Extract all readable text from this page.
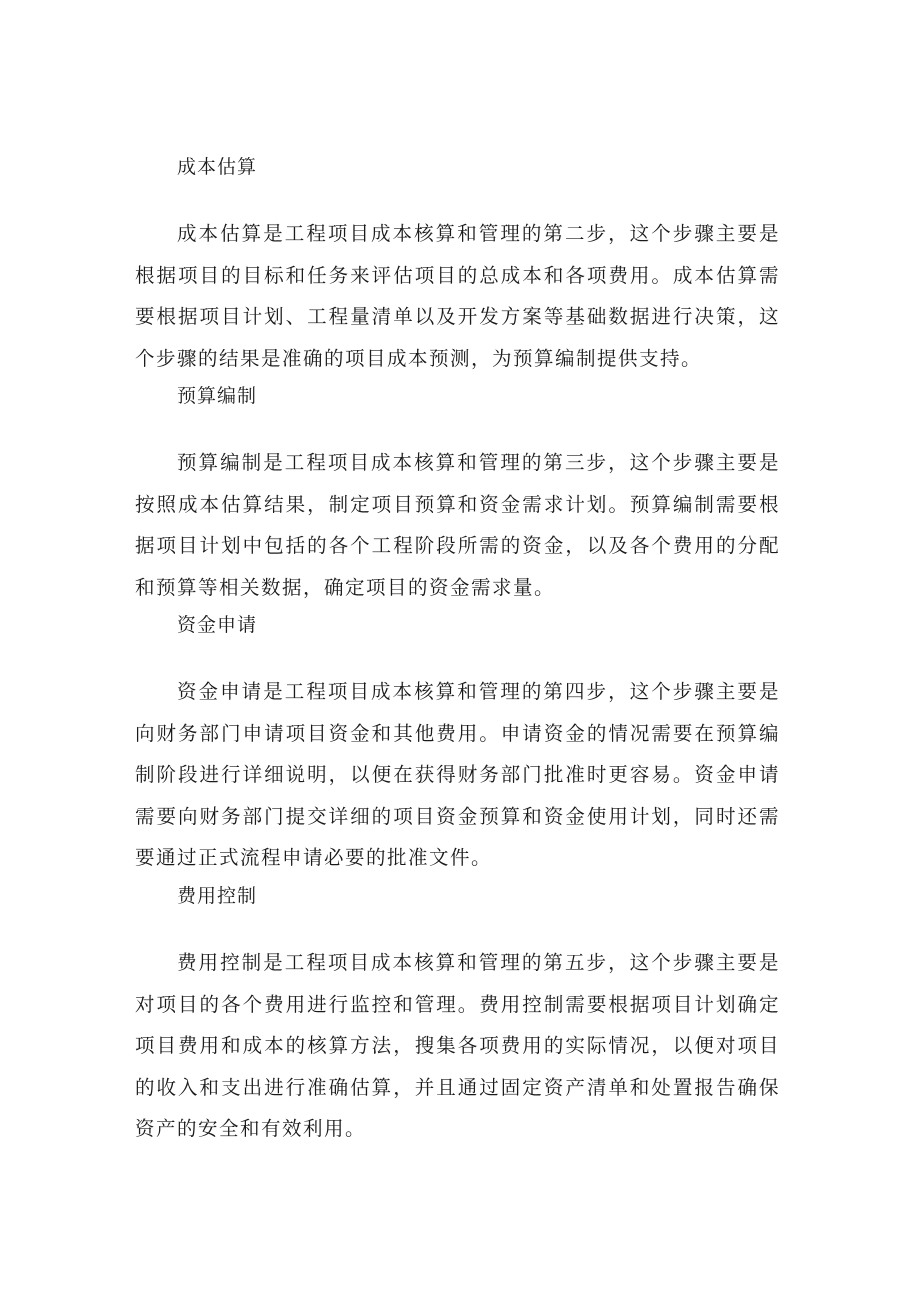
成本估算

成本估算是工程项目成本核算和管理的第二步，这个步骤主要是根据项目的目标和任务来评估项目的总成本和各项费用。成本估算需要根据项目计划、工程量清单以及开发方案等基础数据进行决策，这个步骤的结果是准确的项目成本预测，为预算编制提供支持。

预算编制

预算编制是工程项目成本核算和管理的第三步，这个步骤主要是按照成本估算结果，制定项目预算和资金需求计划。预算编制需要根据项目计划中包括的各个工程阶段所需的资金，以及各个费用的分配和预算等相关数据，确定项目的资金需求量。

资金申请

资金申请是工程项目成本核算和管理的第四步，这个步骤主要是向财务部门申请项目资金和其他费用。申请资金的情况需要在预算编制阶段进行详细说明，以便在获得财务部门批准时更容易。资金申请需要向财务部门提交详细的项目资金预算和资金使用计划，同时还需要通过正式流程申请必要的批准文件。

费用控制

费用控制是工程项目成本核算和管理的第五步，这个步骤主要是对项目的各个费用进行监控和管理。费用控制需要根据项目计划确定项目费用和成本的核算方法，搜集各项费用的实际情况，以便对项目的收入和支出进行准确估算，并且通过固定资产清单和处置报告确保资产的安全和有效利用。
